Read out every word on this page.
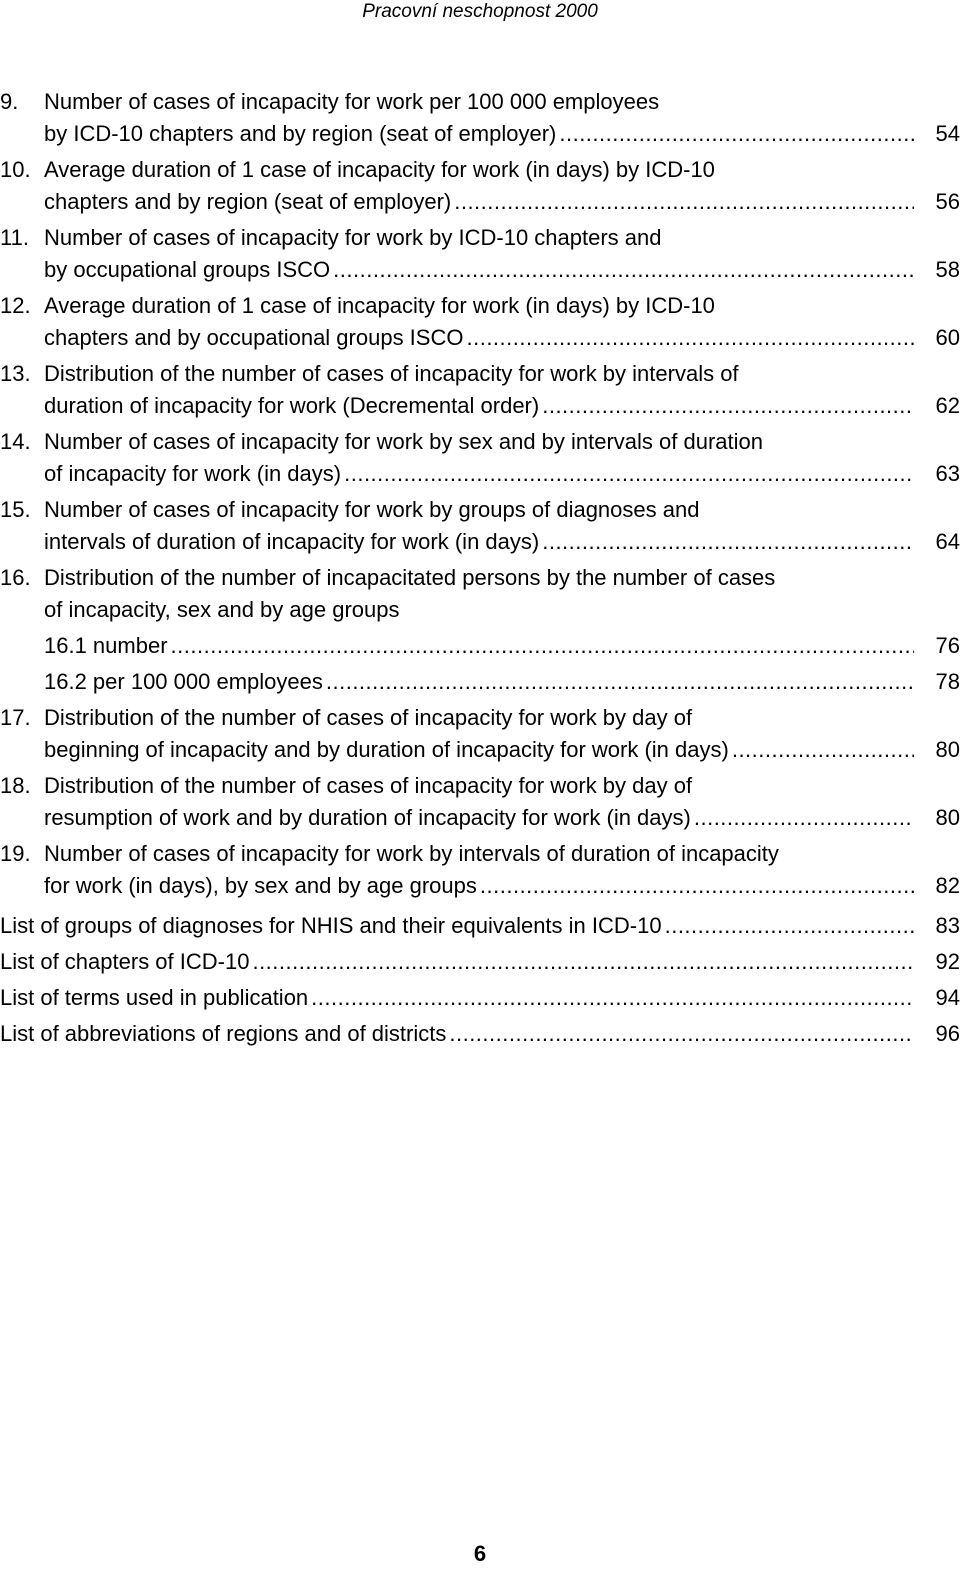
Pracovní neschopnost 2000
9.	Number of cases of incapacity for work per 100 000 employees
by ICD-10 chapters and by region (seat of employer) .....	54
10. Average duration of 1 case of incapacity for work (in days) by ICD-10
chapters and by region (seat of employer) .....	56
11. Number of cases of incapacity for work by ICD-10 chapters and
by occupational groups ISCO .....	58
12. Average duration of 1 case of incapacity for work (in days) by ICD-10
chapters and by occupational groups ISCO .....	60
13. Distribution of the number of cases of incapacity for work by intervals of
duration of incapacity for work (Decremental order) .....	62
14. Number of cases of incapacity for work by sex and by intervals of duration
of incapacity for work (in days) .....	63
15. Number of cases of incapacity for work by groups of diagnoses and
intervals of duration of incapacity for work (in days) .....	64
16. Distribution of the number of incapacitated persons by the number of cases
of incapacity, sex and by age groups
16.1 number .....	76
16.2 per 100 000 employees .....	78
17. Distribution of the number of cases of incapacity for work by day of
beginning of incapacity and by duration of incapacity for work (in days) .....	80
18. Distribution of the number of cases of incapacity for work by day of
resumption of work and by duration of incapacity for work (in days) .....	80
19. Number of cases of incapacity for work by intervals of duration of incapacity
for work (in days), by sex and by age groups .....	82
List of groups of diagnoses for NHIS and their equivalents in ICD-10 .....	83
List of chapters of ICD-10 .....	92
List of terms used in publication .....	94
List of abbreviations of regions and of districts .....	96
6
